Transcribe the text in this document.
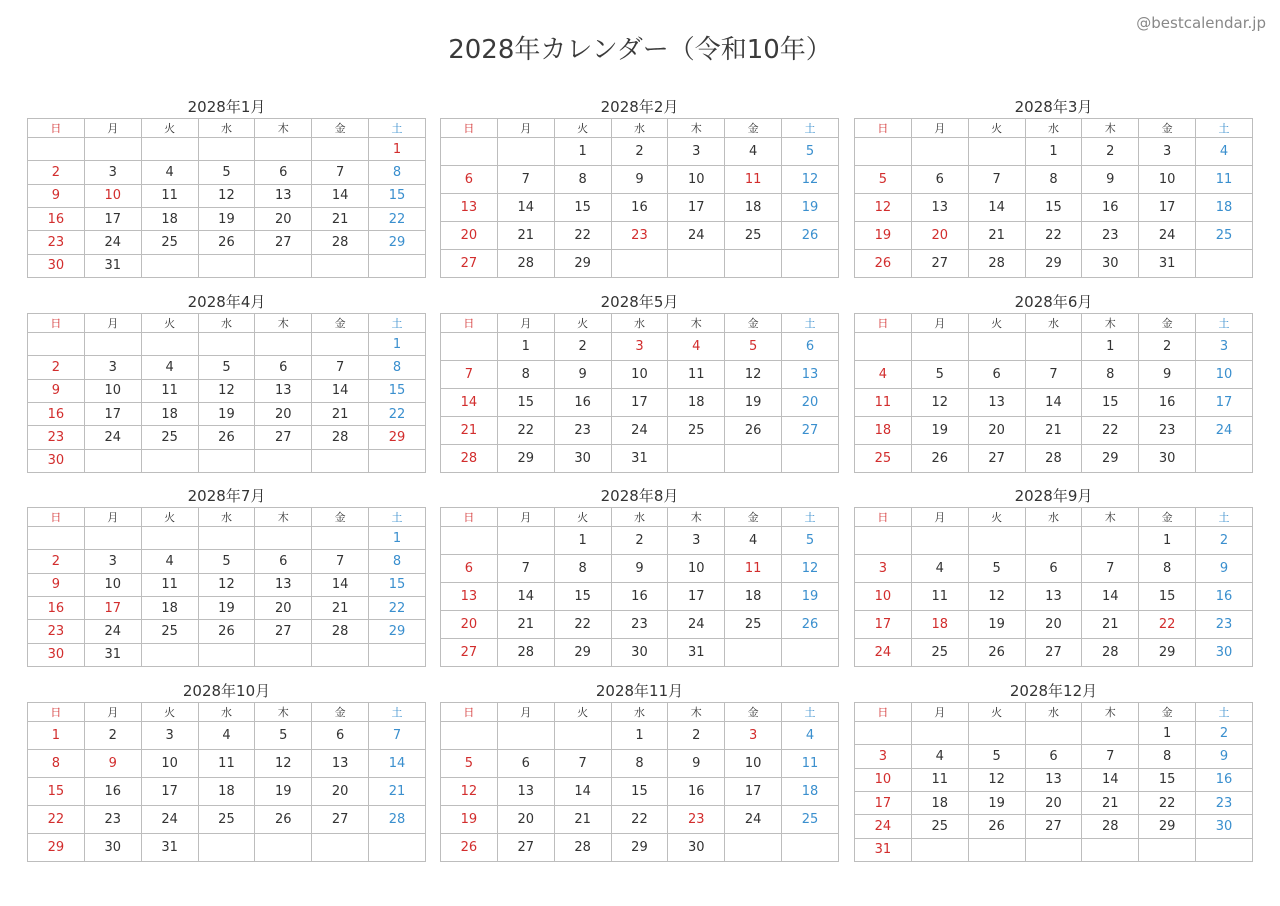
@bestcalendar.jp
2028年カレンダー（令和10年）
2028年1月
日	月	火	水	木	金	土
						1
2	3	4	5	6	7	8
9	10	11	12	13	14	15
16	17	18	19	20	21	22
23	24	25	26	27	28	29
30	31					
2028年2月
日	月	火	水	木	金	土
		1	2	3	4	5
6	7	8	9	10	11	12
13	14	15	16	17	18	19
20	21	22	23	24	25	26
27	28	29				
2028年3月
日	月	火	水	木	金	土
			1	2	3	4
5	6	7	8	9	10	11
12	13	14	15	16	17	18
19	20	21	22	23	24	25
26	27	28	29	30	31	
2028年4月
日	月	火	水	木	金	土
						1
2	3	4	5	6	7	8
9	10	11	12	13	14	15
16	17	18	19	20	21	22
23	24	25	26	27	28	29
30						
2028年5月
日	月	火	水	木	金	土
	1	2	3	4	5	6
7	8	9	10	11	12	13
14	15	16	17	18	19	20
21	22	23	24	25	26	27
28	29	30	31			
2028年6月
日	月	火	水	木	金	土
				1	2	3
4	5	6	7	8	9	10
11	12	13	14	15	16	17
18	19	20	21	22	23	24
25	26	27	28	29	30	
2028年7月
日	月	火	水	木	金	土
						1
2	3	4	5	6	7	8
9	10	11	12	13	14	15
16	17	18	19	20	21	22
23	24	25	26	27	28	29
30	31					
2028年8月
日	月	火	水	木	金	土
		1	2	3	4	5
6	7	8	9	10	11	12
13	14	15	16	17	18	19
20	21	22	23	24	25	26
27	28	29	30	31		
2028年9月
日	月	火	水	木	金	土
					1	2
3	4	5	6	7	8	9
10	11	12	13	14	15	16
17	18	19	20	21	22	23
24	25	26	27	28	29	30
2028年10月
日	月	火	水	木	金	土
1	2	3	4	5	6	7
8	9	10	11	12	13	14
15	16	17	18	19	20	21
22	23	24	25	26	27	28
29	30	31				
2028年11月
日	月	火	水	木	金	土
			1	2	3	4
5	6	7	8	9	10	11
12	13	14	15	16	17	18
19	20	21	22	23	24	25
26	27	28	29	30		
2028年12月
日	月	火	水	木	金	土
					1	2
3	4	5	6	7	8	9
10	11	12	13	14	15	16
17	18	19	20	21	22	23
24	25	26	27	28	29	30
31						
